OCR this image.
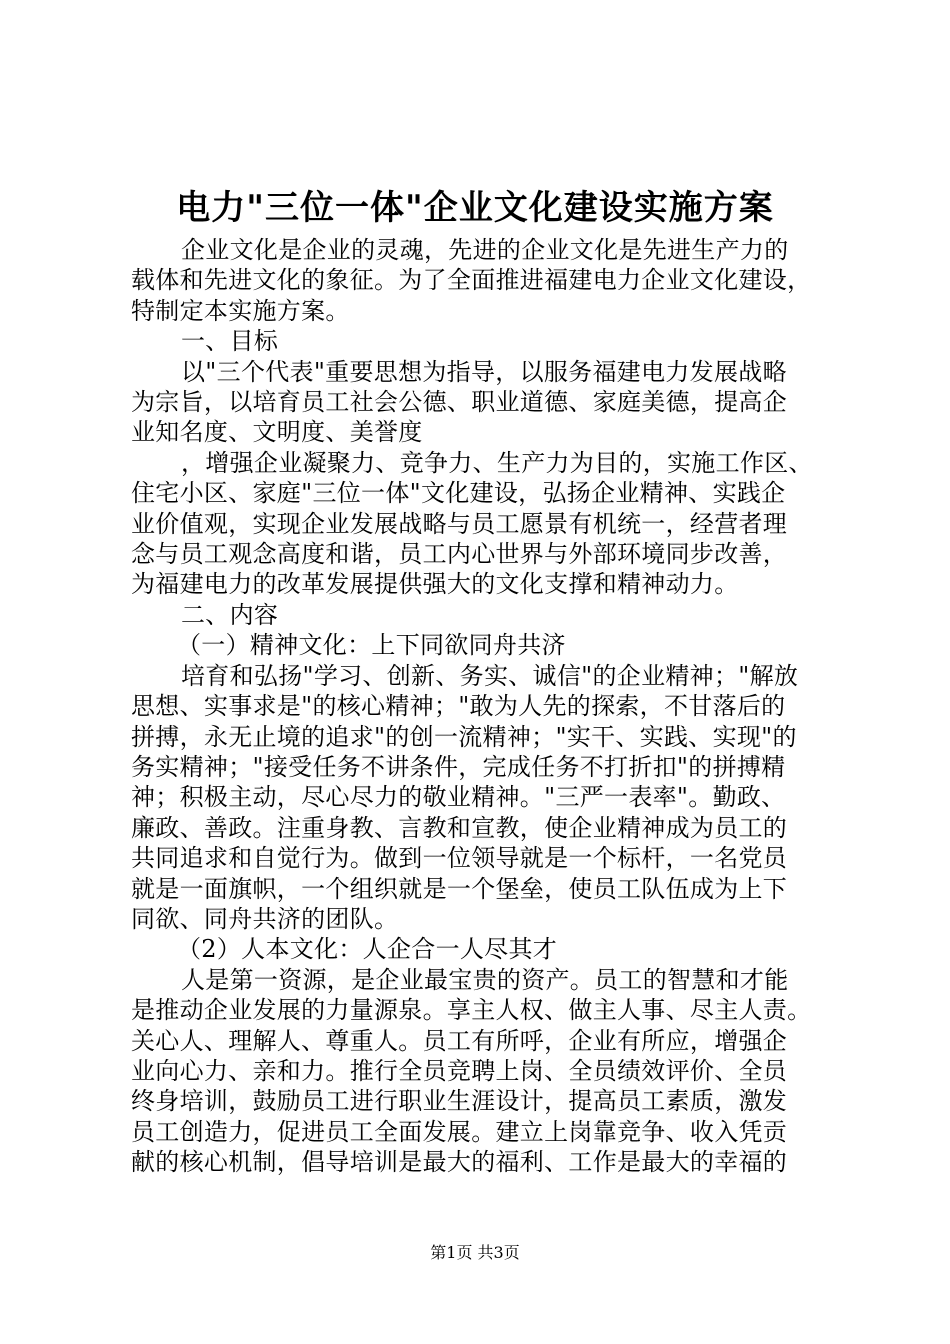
电力"三位一体"企业文化建设实施方案
企业文化是企业的灵魂，先进的企业文化是先进生产力的
载体和先进文化的象征。为了全面推进福建电力企业文化建设，
特制定本实施方案。
一、目标
以"三个代表"重要思想为指导，以服务福建电力发展战略
为宗旨，以培育员工社会公德、职业道德、家庭美德，提高企
业知名度、文明度、美誉度
，增强企业凝聚力、竞争力、生产力为目的，实施工作区、
住宅小区、家庭"三位一体"文化建设，弘扬企业精神、实践企
业价值观，实现企业发展战略与员工愿景有机统一，经营者理
念与员工观念高度和谐，员工内心世界与外部环境同步改善，
为福建电力的改革发展提供强大的文化支撑和精神动力。
二、内容
（一）精神文化：上下同欲同舟共济
培育和弘扬"学习、创新、务实、诚信"的企业精神；"解放
思想、实事求是"的核心精神；"敢为人先的探索，不甘落后的
拼搏，永无止境的追求"的创一流精神；"实干、实践、实现"的
务实精神；"接受任务不讲条件，完成任务不打折扣"的拼搏精
神；积极主动，尽心尽力的敬业精神。"三严一表率"。勤政、
廉政、善政。注重身教、言教和宣教，使企业精神成为员工的
共同追求和自觉行为。做到一位领导就是一个标杆，一名党员
就是一面旗帜，一个组织就是一个堡垒，使员工队伍成为上下
同欲、同舟共济的团队。
（2）人本文化：人企合一人尽其才
人是第一资源，是企业最宝贵的资产。员工的智慧和才能
是推动企业发展的力量源泉。享主人权、做主人事、尽主人责。
关心人、理解人、尊重人。员工有所呼，企业有所应，增强企
业向心力、亲和力。推行全员竞聘上岗、全员绩效评价、全员
终身培训，鼓励员工进行职业生涯设计，提高员工素质，激发
员工创造力，促进员工全面发展。建立上岗靠竞争、收入凭贡
献的核心机制，倡导培训是最大的福利、工作是最大的幸福的
第1页 共3页
